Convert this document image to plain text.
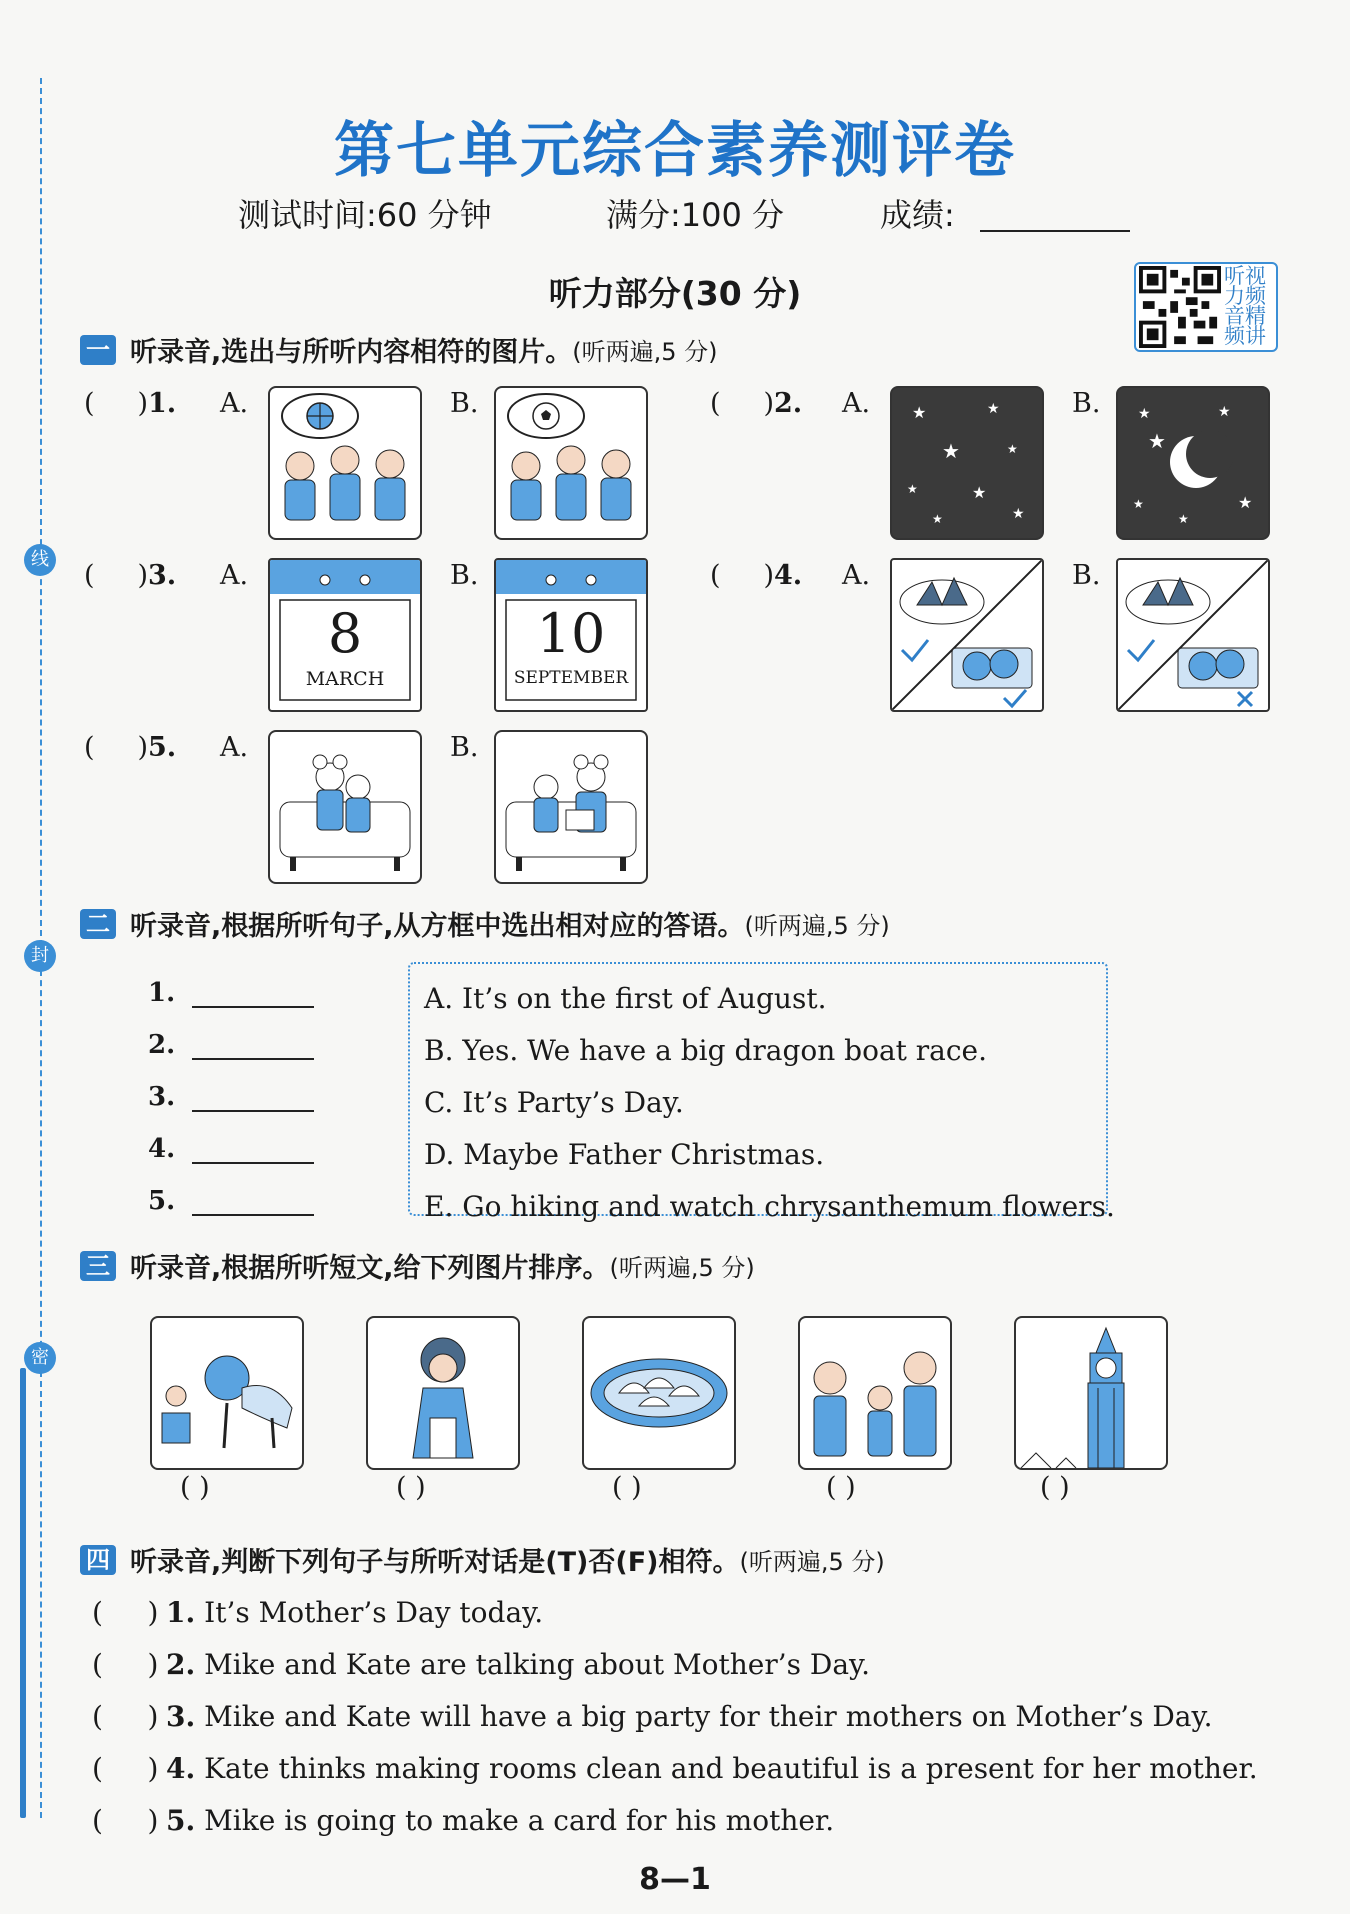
线
封
密
第七单元综合素养测评卷
测试时间:60 分钟	满分:100 分	成绩:
听力部分(30 分)	听视力频音精频讲
一 听录音,选出与所听内容相符的图片。 (听两遍,5 分)
( )1. A.	B.	( )2. A.	★	★
★	★
★	★
★	★
B.	★	★
★
★
★
★
( )3. A.
8
MARCH
B.
10
SEPTEMBER
( )4. A.	B.
( )5. A.	B.
二 听录音,根据所听句子,从方框中选出相对应的答语。 (听两遍,5 分)
1.
2.
3.
4.
5.
A. It’s on the first of August.
B. Yes. We have a big dragon boat race.
C. It’s Party’s Day.
D. Maybe Father Christmas.
E. Go hiking and watch chrysanthemum flowers.
三 听录音,根据所听短文,给下列图片排序。 (听两遍,5 分)
( )	( )	( )	( )	( )
四 听录音,判断下列句子与所听对话是(T)否(F)相符。 (听两遍,5 分)
( ) 1. It’s Mother’s Day today.
( ) 2. Mike and Kate are talking about Mother’s Day.
( ) 3. Mike and Kate will have a big party for their mothers on Mother’s Day.
( ) 4. Kate thinks making rooms clean and beautiful is a present for her mother.
( ) 5. Mike is going to make a card for his mother.
8—1
